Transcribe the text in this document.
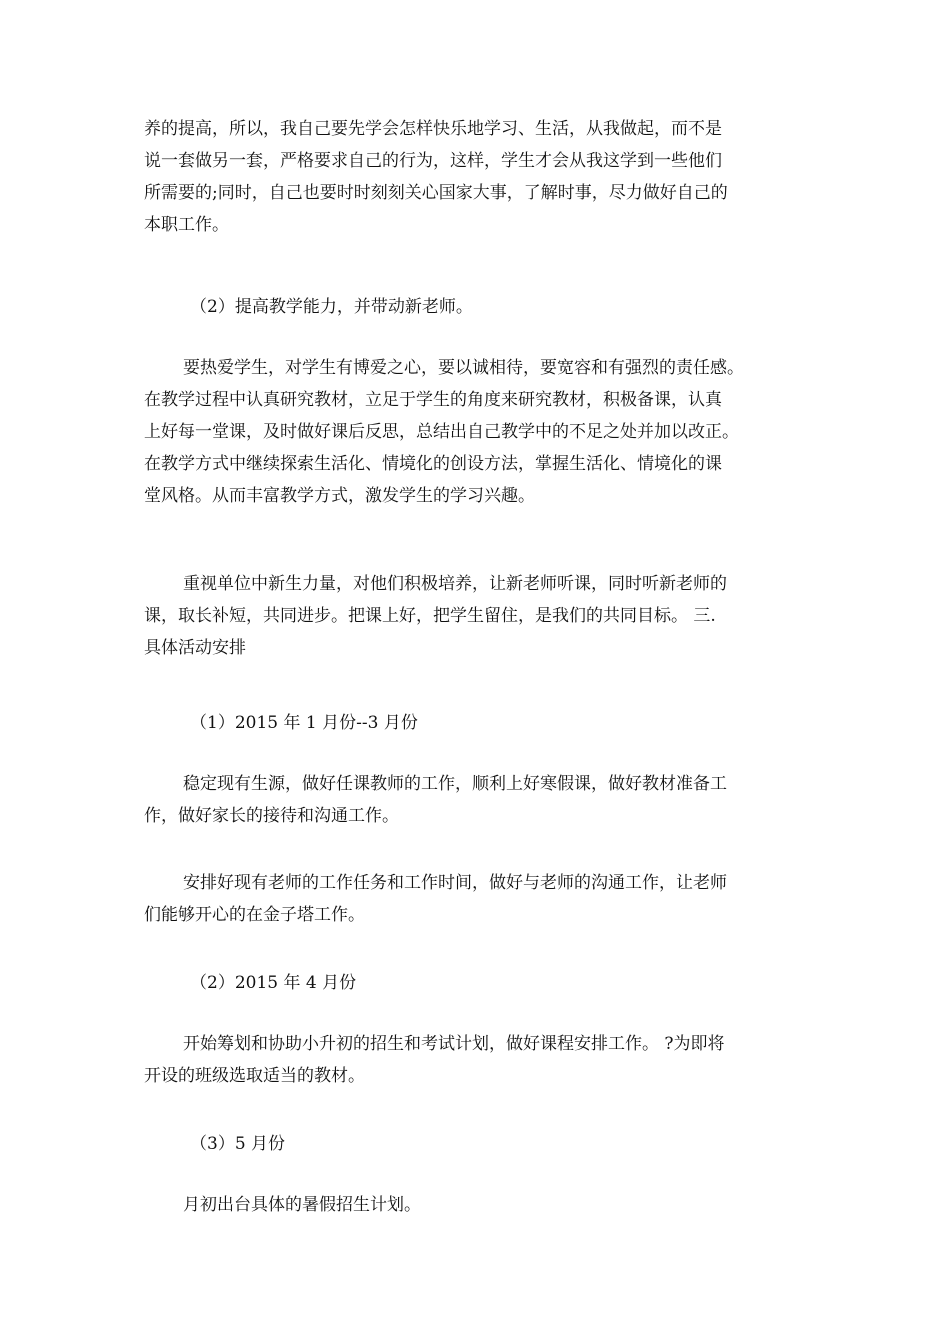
养的提高，所以，我自己要先学会怎样快乐地学习、生活，从我做起，而不是
说一套做另一套，严格要求自己的行为，这样，学生才会从我这学到一些他们
所需要的;同时，自己也要时时刻刻关心国家大事，了解时事，尽力做好自己的
本职工作。

（2）提高教学能力，并带动新老师。

要热爱学生，对学生有博爱之心，要以诚相待，要宽容和有强烈的责任感。
在教学过程中认真研究教材，立足于学生的角度来研究教材，积极备课，认真
上好每一堂课，及时做好课后反思，总结出自己教学中的不足之处并加以改正。
在教学方式中继续探索生活化、情境化的创设方法，掌握生活化、情境化的课
堂风格。从而丰富教学方式，激发学生的学习兴趣。

重视单位中新生力量，对他们积极培养，让新老师听课，同时听新老师的
课，取长补短，共同进步。把课上好，把学生留住，是我们的共同目标。 三.
具体活动安排

（1）2015 年 1 月份--3 月份

稳定现有生源，做好任课教师的工作，顺利上好寒假课，做好教材准备工
作，做好家长的接待和沟通工作。

安排好现有老师的工作任务和工作时间，做好与老师的沟通工作，让老师
们能够开心的在金子塔工作。

（2）2015 年 4 月份

开始筹划和协助小升初的招生和考试计划，做好课程安排工作。 ?为即将
开设的班级选取适当的教材。

（3）5 月份

月初出台具体的暑假招生计划。
